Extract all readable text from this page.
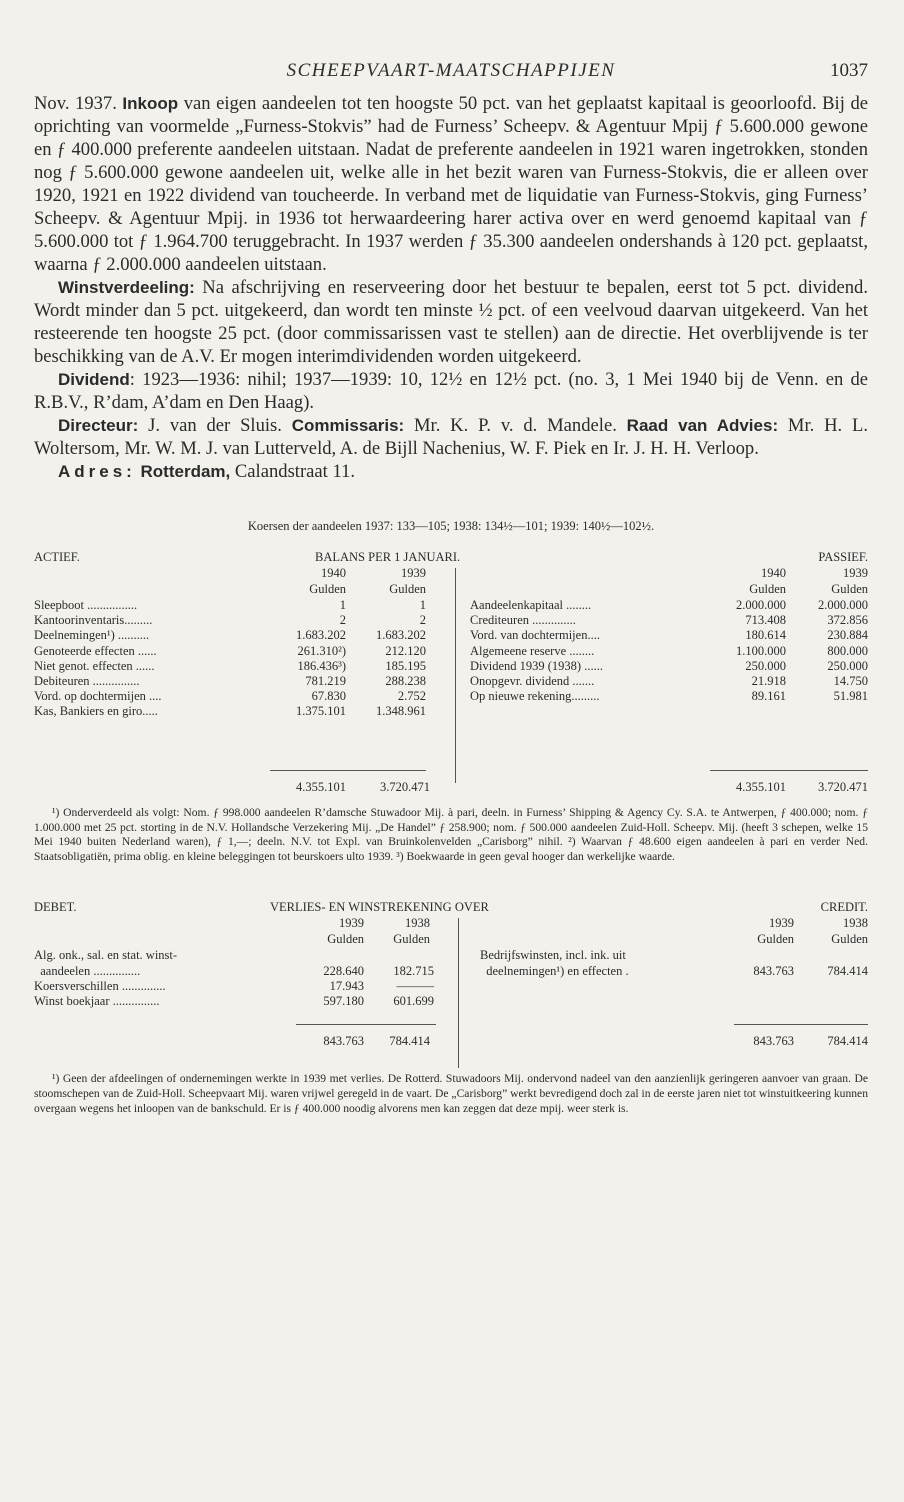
SCHEEPVAART-MAATSCHAPPIJEN	1037

Nov. 1937. Inkoop van eigen aandeelen tot ten hoogste 50 pct. van het geplaatst kapitaal is geoorloofd. Bij de oprichting van voormelde „Furness-Stokvis” had de Furness’ Scheepv. & Agentuur Mpij ƒ 5.600.000 gewone en ƒ 400.000 preferente aandeelen uitstaan. Nadat de preferente aandeelen in 1921 waren ingetrokken, stonden nog ƒ 5.600.000 gewone aandeelen uit, welke alle in het bezit waren van Furness-Stokvis, die er alleen over 1920, 1921 en 1922 dividend van toucheerde. In verband met de liquidatie van Furness-Stokvis, ging Furness’ Scheepv. & Agentuur Mpij. in 1936 tot herwaardeering harer activa over en werd genoemd kapitaal van ƒ 5.600.000 tot ƒ 1.964.700 teruggebracht. In 1937 werden ƒ 35.300 aandeelen ondershands à 120 pct. geplaatst, waarna ƒ 2.000.000 aandeelen uitstaan.

Winstverdeeling: Na afschrijving en reserveering door het bestuur te bepalen, eerst tot 5 pct. dividend. Wordt minder dan 5 pct. uitgekeerd, dan wordt ten minste ½ pct. of een veelvoud daarvan uitgekeerd. Van het resteerende ten hoogste 25 pct. (door commissarissen vast te stellen) aan de directie. Het overblijvende is ter beschikking van de A.V. Er mogen interimdividenden worden uitgekeerd.

Dividend: 1923—1936: nihil; 1937—1939: 10, 12½ en 12½ pct. (no. 3, 1 Mei 1940 bij de Venn. en de R.B.V., R’dam, A’dam en Den Haag).

Directeur: J. van der Sluis. Commissaris: Mr. K. P. v. d. Mandele. Raad van Advies: Mr. H. L. Woltersom, Mr. W. M. J. van Lutterveld, A. de Bijll Nachenius, W. F. Piek en Ir. J. H. H. Verloop.

Adres: Rotterdam, Calandstraat 11.

Koersen der aandeelen 1937: 133—105; 1938: 134½—101; 1939: 140½—102½.

ACTIEF.	BALANS PER 1 JANUARI.	PASSIEF.
1940	1939
Gulden	Gulden
1940	1939
Gulden	Gulden
Sleepboot ................	1	1
Kantoorinventaris.........	2	2
Deelnemingen¹) ..........	1.683.202	1.683.202
Genoteerde effecten ......	261.310²)	212.120
Niet genot. effecten ......	186.436³)	185.195
Debiteuren ...............	781.219	288.238
Vord. op dochtermijen ....	67.830	2.752
Kas, Bankiers en giro.....	1.375.101	1.348.961
Aandeelenkapitaal ........	2.000.000	2.000.000
Crediteuren ..............	713.408	372.856
Vord. van dochtermijen....	180.614	230.884
Algemeene reserve ........	1.100.000	800.000
Dividend 1939 (1938) ......	250.000	250.000
Onopgevr. dividend .......	21.918	14.750
Op nieuwe rekening.........	89.161	51.981
4.355.101	3.720.471	4.355.101	3.720.471

¹) Onderverdeeld als volgt: Nom. ƒ 998.000 aandeelen R’damsche Stuwadoor Mij. à pari, deeln. in Furness’ Shipping & Agency Cy. S.A. te Antwerpen, ƒ 400.000; nom. ƒ 1.000.000 met 25 pct. storting in de N.V. Hollandsche Verzekering Mij. „De Handel” ƒ 258.900; nom. ƒ 500.000 aandeelen Zuid-Holl. Scheepv. Mij. (heeft 3 schepen, welke 15 Mei 1940 buiten Nederland waren), ƒ 1,—; deeln. N.V. tot Expl. van Bruinkolenvelden „Carisborg” nihil. ²) Waarvan ƒ 48.600 eigen aandeelen à pari en verder Ned. Staatsobligatiën, prima oblig. en kleine beleggingen tot beurskoers ulto 1939. ³) Boekwaarde in geen geval hooger dan werkelijke waarde.

DEBET.	VERLIES- EN WINSTREKENING OVER	CREDIT.
1939	1938
Gulden	Gulden
1939	1938
Gulden	Gulden
Alg. onk., sal. en stat. winst-
aandeelen ...............	228.640	182.715
Koersverschillen ..............	17.943	———
Winst boekjaar ...............	597.180	601.699
Bedrijfswinsten, incl. ink. uit
deelnemingen¹) en effecten .	843.763	784.414
843.763	784.414	843.763	784.414

¹) Geen der afdeelingen of ondernemingen werkte in 1939 met verlies. De Rotterd. Stuwadoors Mij. ondervond nadeel van den aanzienlijk geringeren aanvoer van graan. De stoomschepen van de Zuid-Holl. Scheepvaart Mij. waren vrijwel geregeld in de vaart. De „Carisborg” werkt bevredigend doch zal in de eerste jaren niet tot winstuitkeering kunnen overgaan wegens het inloopen van de bankschuld. Er is ƒ 400.000 noodig alvorens men kan zeggen dat deze mpij. weer sterk is.
